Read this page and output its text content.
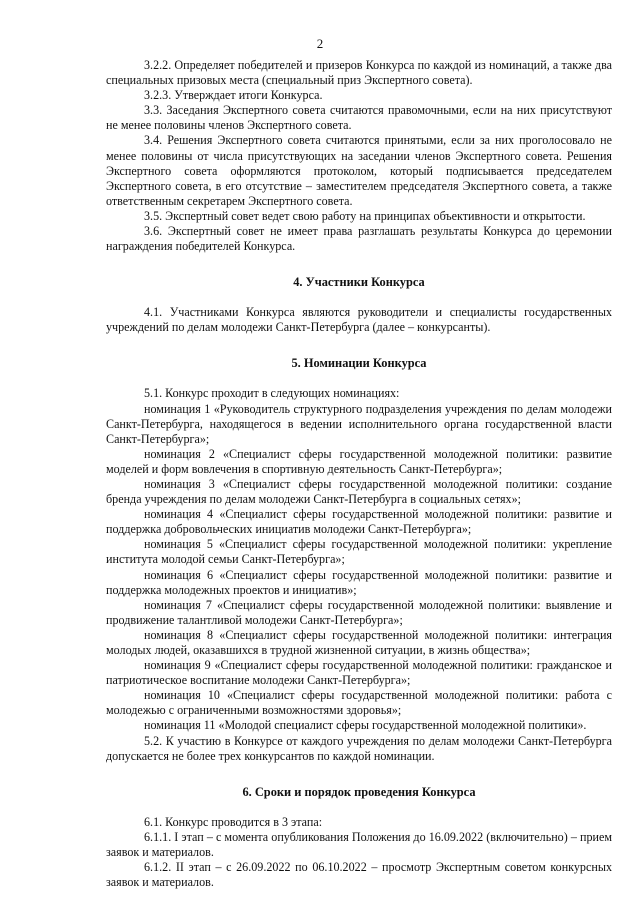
2

3.2.2. Определяет победителей и призеров Конкурса по каждой из номинаций, а также два специальных призовых места (специальный приз Экспертного совета).

3.2.3. Утверждает итоги Конкурса.

3.3. Заседания Экспертного совета считаются правомочными, если на них присутствуют не менее половины членов Экспертного совета.

3.4. Решения Экспертного совета считаются принятыми, если за них проголосовало не менее половины от числа присутствующих на заседании членов Экспертного совета. Решения Экспертного совета оформляются протоколом, который подписывается председателем Экспертного совета, в его отсутствие – заместителем председателя Экспертного совета, а также ответственным секретарем Экспертного совета.

3.5. Экспертный совет ведет свою работу на принципах объективности и открытости.

3.6. Экспертный совет не имеет права разглашать результаты Конкурса до церемонии награждения победителей Конкурса.

4. Участники Конкурса

4.1. Участниками Конкурса являются руководители и специалисты государственных учреждений по делам молодежи Санкт-Петербурга (далее – конкурсанты).

5. Номинации Конкурса

5.1. Конкурс проходит в следующих номинациях:

номинация 1 «Руководитель структурного подразделения учреждения по делам молодежи Санкт-Петербурга, находящегося в ведении исполнительного органа государственной власти Санкт-Петербурга»;

номинация 2 «Специалист сферы государственной молодежной политики: развитие моделей и форм вовлечения в спортивную деятельность Санкт-Петербурга»;

номинация 3 «Специалист сферы государственной молодежной политики: создание бренда учреждения по делам молодежи Санкт-Петербурга в социальных сетях»;

номинация 4 «Специалист сферы государственной молодежной политики: развитие и поддержка добровольческих инициатив молодежи Санкт-Петербурга»;

номинация 5 «Специалист сферы государственной молодежной политики: укрепление института молодой семьи Санкт-Петербурга»;

номинация 6 «Специалист сферы государственной молодежной политики: развитие и поддержка молодежных проектов и инициатив»;

номинация 7 «Специалист сферы государственной молодежной политики: выявление и продвижение талантливой молодежи Санкт-Петербурга»;

номинация 8 «Специалист сферы государственной молодежной политики: интеграция молодых людей, оказавшихся в трудной жизненной ситуации, в жизнь общества»;

номинация 9 «Специалист сферы государственной молодежной политики: гражданское и патриотическое воспитание молодежи Санкт-Петербурга»;

номинация 10 «Специалист сферы государственной молодежной политики: работа с молодежью с ограниченными возможностями здоровья»;

номинация 11 «Молодой специалист сферы государственной молодежной политики».

5.2. К участию в Конкурсе от каждого учреждения по делам молодежи Санкт-Петербурга допускается не более трех конкурсантов по каждой номинации.

6. Сроки и порядок проведения Конкурса

6.1. Конкурс проводится в 3 этапа:

6.1.1. I этап – с момента опубликования Положения до 16.09.2022 (включительно) – прием заявок и материалов.

6.1.2. II этап – с 26.09.2022 по 06.10.2022 – просмотр Экспертным советом конкурсных заявок и материалов.
